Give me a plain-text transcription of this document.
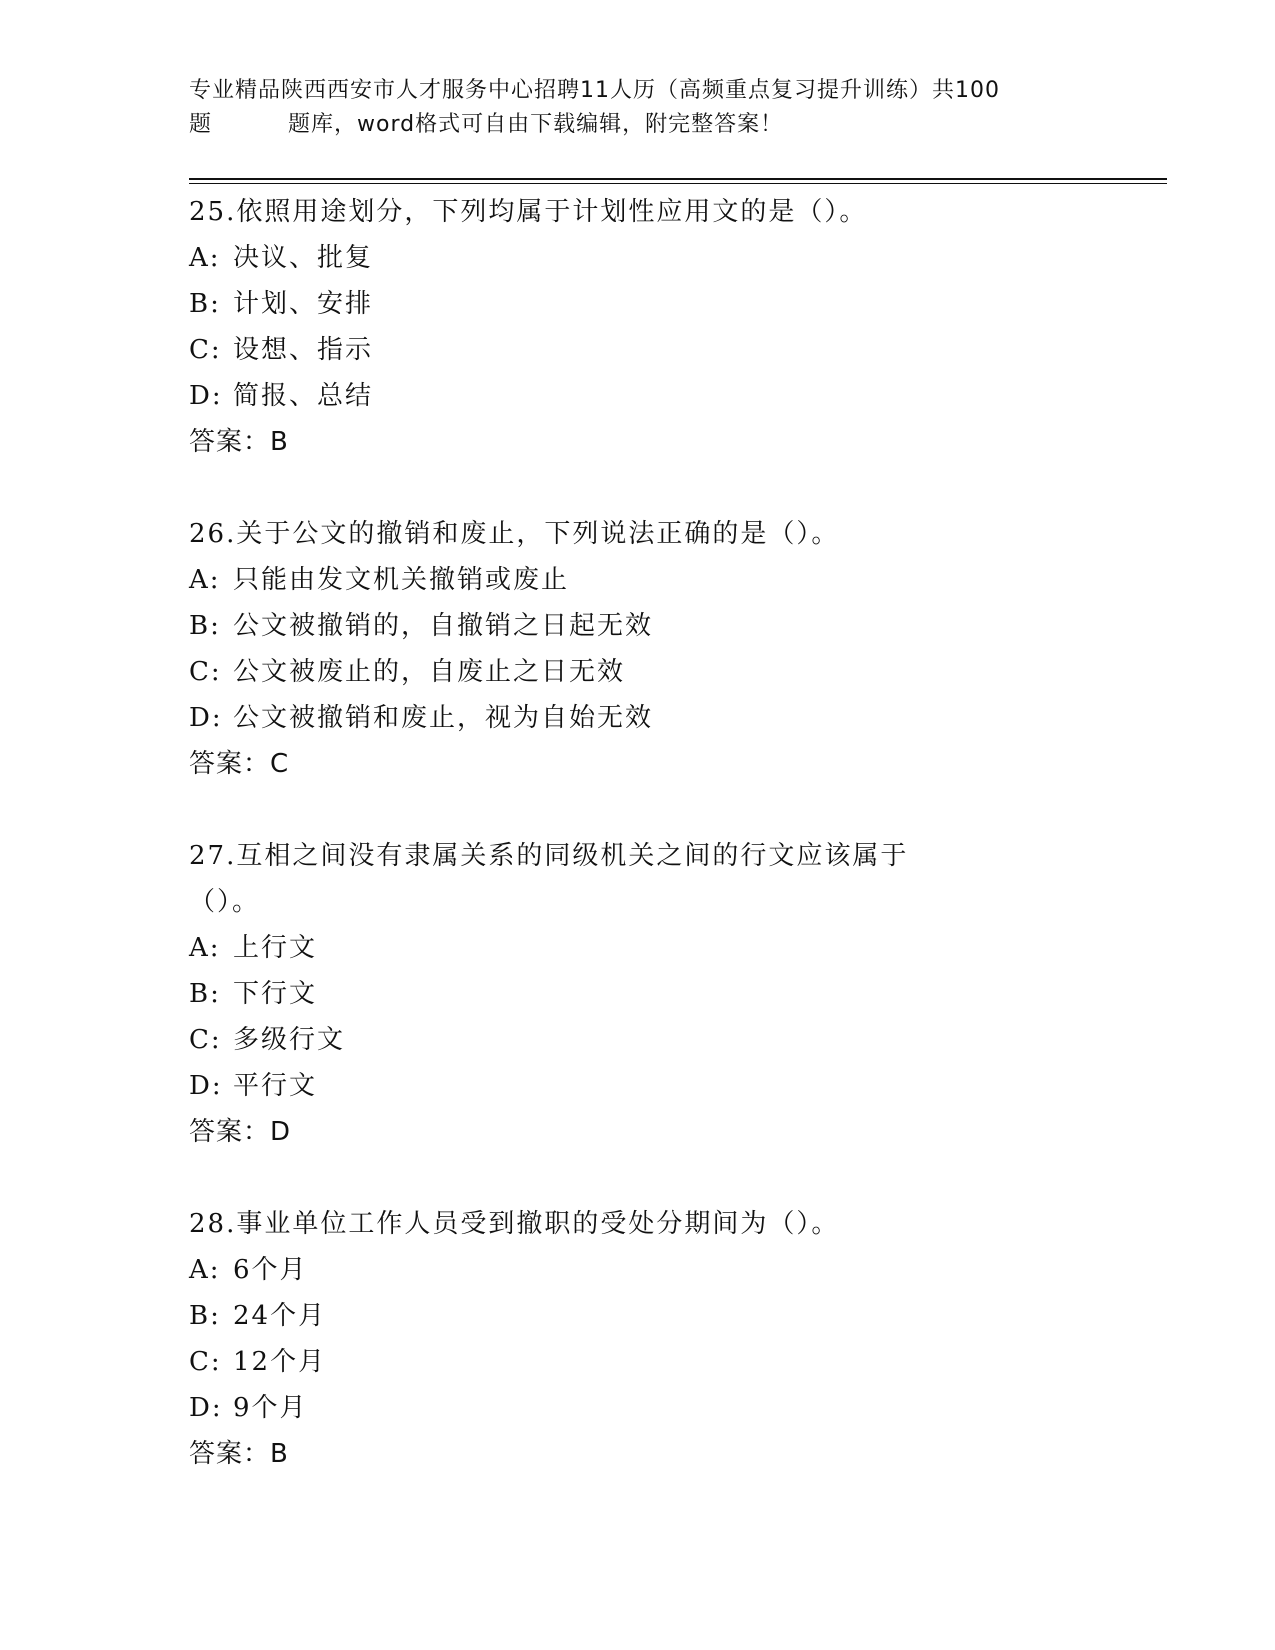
专业精品陕西西安市人才服务中心招聘11人历（高频重点复习提升训练）共100
题	题库，word格式可自由下载编辑，附完整答案！
25.依照用途划分，下列均属于计划性应用文的是（）。
A: 决议、批复
B: 计划、安排
C: 设想、指示
D: 简报、总结
答案：B
26.关于公文的撤销和废止，下列说法正确的是（）。
A: 只能由发文机关撤销或废止
B: 公文被撤销的，自撤销之日起无效
C: 公文被废止的，自废止之日无效
D: 公文被撤销和废止，视为自始无效
答案：C
27.互相之间没有隶属关系的同级机关之间的行文应该属于（）。
A: 上行文
B: 下行文
C: 多级行文
D: 平行文
答案：D
28.事业单位工作人员受到撤职的受处分期间为（）。
A: 6个月
B: 24个月
C: 12个月
D: 9个月
答案：B
